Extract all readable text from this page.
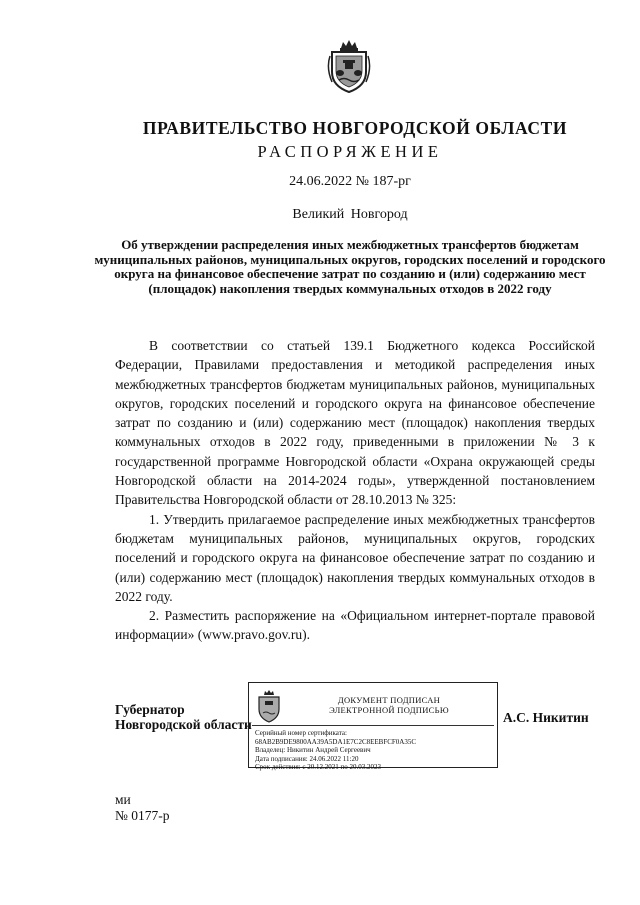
ПРАВИТЕЛЬСТВО НОВГОРОДСКОЙ ОБЛАСТИ
РАСПОРЯЖЕНИЕ
24.06.2022 № 187-рг
Великий Новгород
Об утверждении распределения иных межбюджетных трансфертов бюджетам муниципальных районов, муниципальных округов, городских поселений и городского округа на финансовое обеспечение затрат по созданию и (или) содержанию мест (площадок) накопления твердых коммунальных отходов в 2022 году

В соответствии со статьей 139.1 Бюджетного кодекса Российской Федерации, Правилами предоставления и методикой распределения иных межбюджетных трансфертов бюджетам муниципальных районов, муниципальных округов, городских поселений и городского округа на финансовое обеспечение затрат по созданию и (или) содержанию мест (площадок) накопления твердых коммунальных отходов в 2022 году, приведенными в приложении № 3 к государственной программе Новгородской области «Охрана окружающей среды Новгородской области на 2014-2024 годы», утвержденной постановлением Правительства Новгородской области от 28.10.2013 № 325:

1. Утвердить прилагаемое распределение иных межбюджетных трансфертов бюджетам муниципальных районов, муниципальных округов, городских поселений и городского округа на финансовое обеспечение затрат по созданию и (или) содержанию мест (площадок) накопления твердых коммунальных отходов в 2022 году.

2. Разместить распоряжение на «Официальном интернет-портале правовой информации» (www.pravo.gov.ru).

Губернатор
Новгородской области
ДОКУМЕНТ ПОДПИСАН
ЭЛЕКТРОННОЙ ПОДПИСЬЮ
Серийный номер сертификата:
68AB2B9DE9800AA39A5DA1E7C2C8EEBFCF0A35C
Владелец: Никитин Андрей Сергеевич
Дата подписания: 24.06.2022 11:20
Срок действия: с 20.12.2021 по 20.03.2023
А.С. Никитин
ми
№ 0177-р
